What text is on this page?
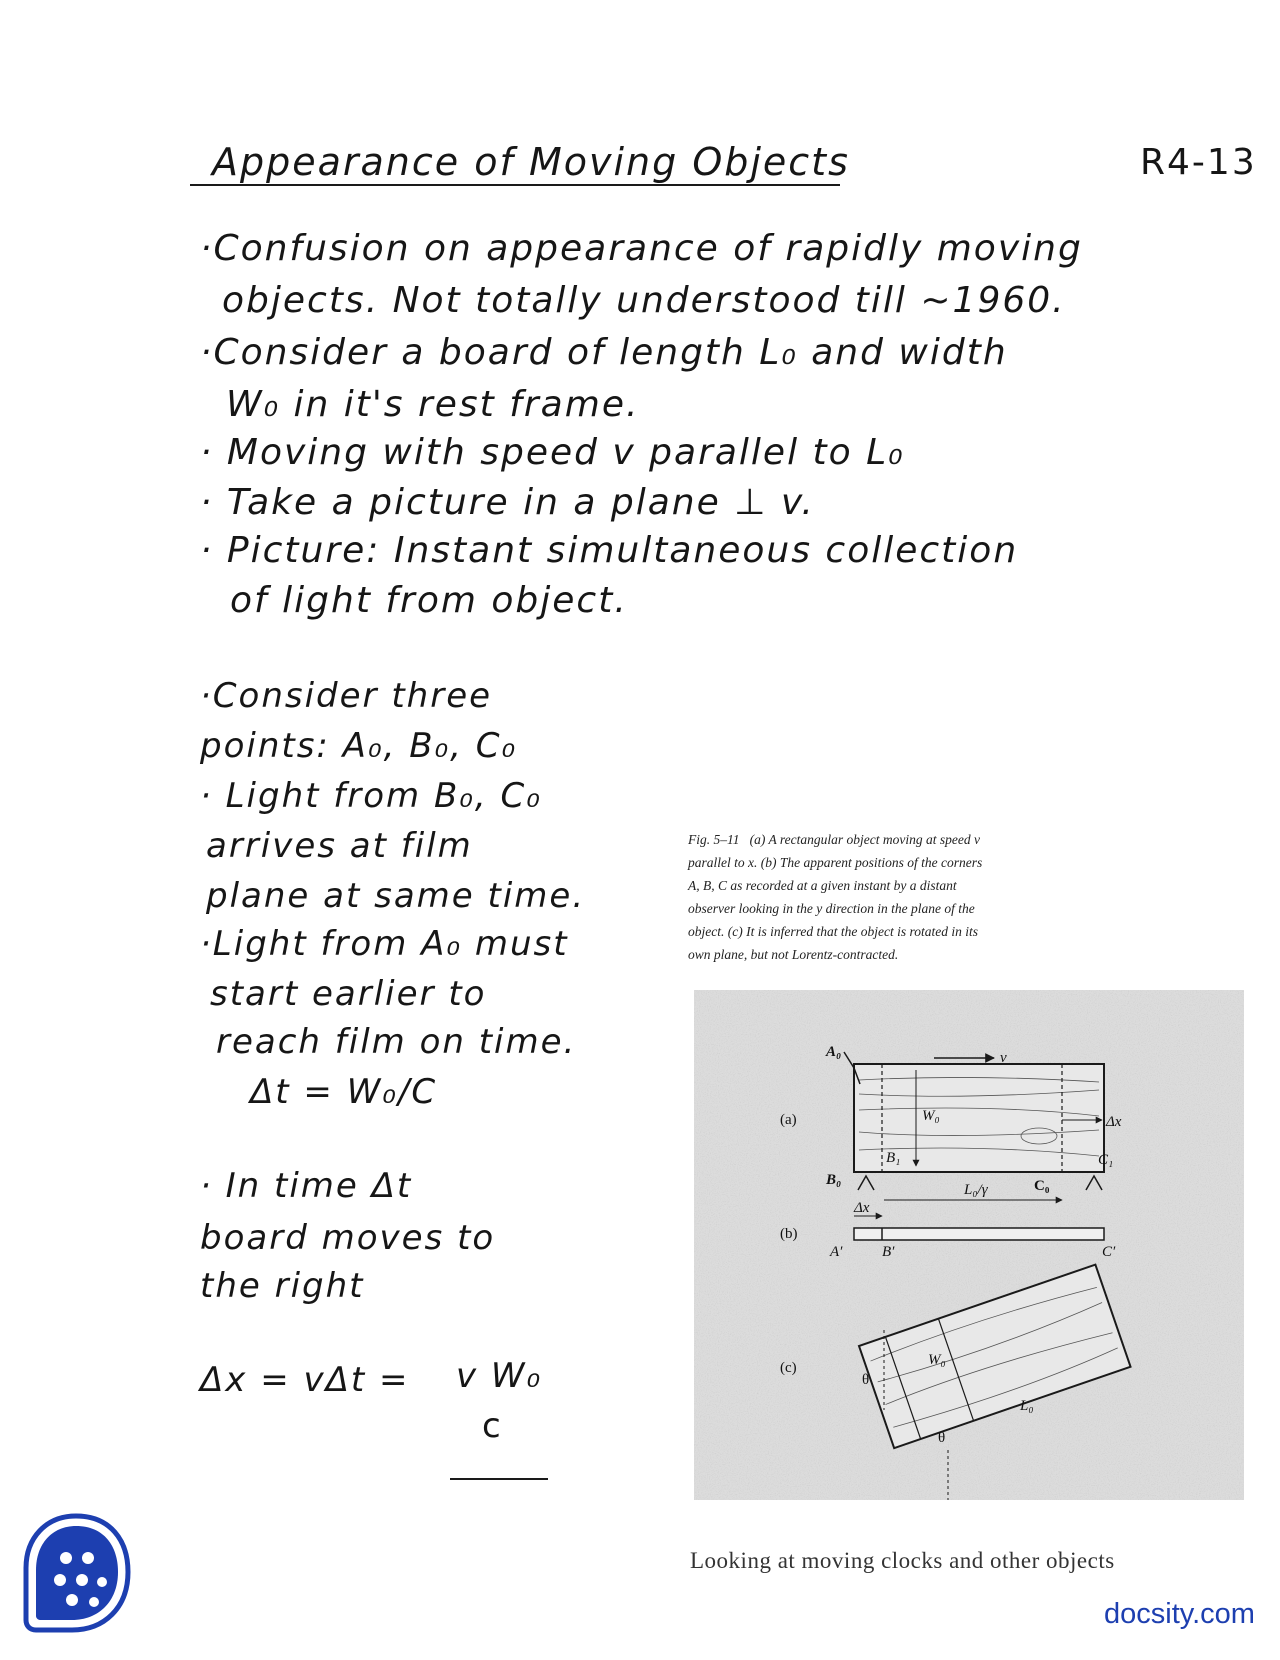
Appearance of Moving Objects	R4-13
·Confusion on appearance of rapidly moving
objects. Not totally understood till ~1960.
·Consider a board of length L₀ and width
W₀ in it's rest frame.
· Moving with speed v parallel to L₀
· Take a picture in a plane ⊥ v.
· Picture: Instant simultaneous collection
of light from object.
·Consider three
points: A₀, B₀, C₀
· Light from B₀, C₀
arrives at film
plane at same time.
·Light from A₀ must
start earlier to
reach film on time.
Δt = W₀/C
· In time Δt
board moves to
the right
Δx = vΔt = v W₀
c
Fig. 5–11 (a) A rectangular object moving at speed v
parallel to x. (b) The apparent positions of the corners
A, B, C as recorded at a given instant by a distant
observer looking in the y direction in the plane of the
object. (c) It is inferred that the object is rotated in its
own plane, but not Lorentz-contracted.
(a)
(b)
(c)
A₀
B₀
B₁
C₀
C₁
v
W₀	Δx
L₀/γ
Δx
A′	B′	C′
θ
θ
W₀
L₀
Looking at moving clocks and other objects
docsity.com
